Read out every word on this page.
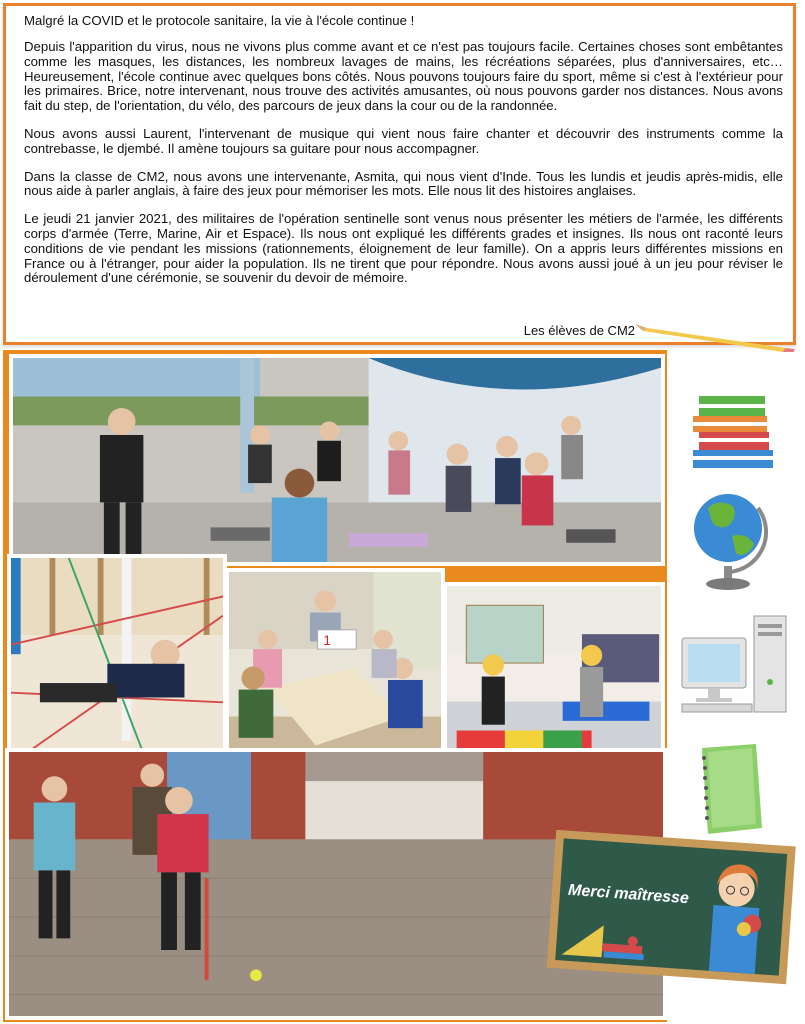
Malgré la COVID et le protocole sanitaire, la vie à l'école continue !

Depuis l'apparition du virus, nous ne vivons plus comme avant et ce n'est pas toujours facile. Certaines choses sont embêtantes comme les masques, les distances, les nombreux lavages de mains, les récréations séparées, plus d'anniversaires, etc… Heureusement, l'école continue avec quelques bons côtés. Nous pouvons toujours faire du sport, même si c'est à l'extérieur pour les primaires. Brice, notre intervenant, nous trouve des activités amusantes, où nous pouvons garder nos distances. Nous avons fait du step, de l'orientation, du vélo, des parcours de jeux dans la cour ou de la randonnée.

Nous avons aussi Laurent, l'intervenant de musique qui vient nous faire chanter et découvrir des instruments comme la contrebasse, le djembé. Il amène toujours sa guitare pour nous accompagner.

Dans la classe de CM2, nous avons une intervenante, Asmita, qui nous vient d'Inde. Tous les lundis et jeudis après-midis, elle nous aide à parler anglais, à faire des jeux pour mémoriser les mots. Elle nous lit des histoires anglaises.

Le jeudi 21 janvier 2021, des militaires de l'opération sentinelle sont venus nous présenter les métiers de l'armée, les différents corps d'armée (Terre, Marine, Air et Espace). Ils nous ont expliqué les différents grades et insignes. Ils nous ont raconté leurs conditions de vie pendant les missions (rationnements, éloignement de leur famille). On a appris leurs différentes missions en France ou à l'étranger, pour aider la population. Ils ne tirent que pour répondre. Nous avons aussi joué à un jeu pour réviser le déroulement d'une cérémonie, se souvenir du devoir de mémoire.

Les élèves de CM2
1
Merci maîtresse
